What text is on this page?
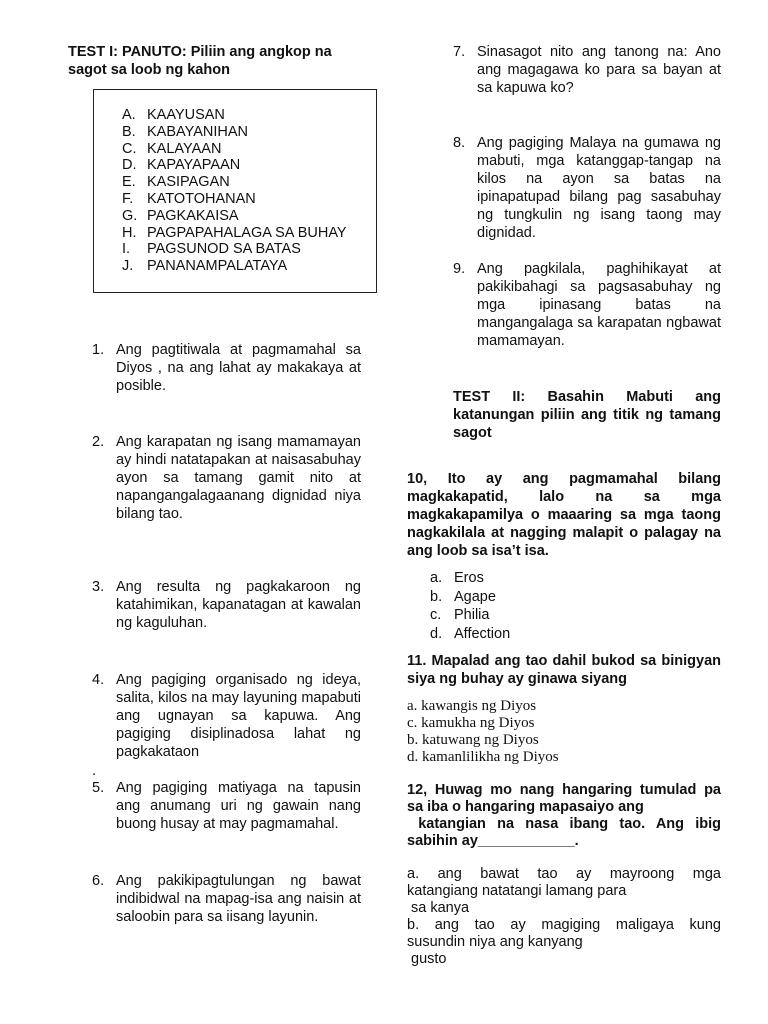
TEST I: PANUTO: Piliin ang angkop na
sagot sa loob ng kahon
A. KAAYUSAN
B. KABAYANIHAN
C. KALAYAAN
D. KAPAYAPAAN
E. KASIPAGAN
F. KATOTOHANAN
G. PAGKAKAISA
H. PAGPAPAHALAGA SA BUHAY
I. PAGSUNOD SA BATAS
J. PANANAMPALATAYA
1. Ang pagtitiwala at pagmamahal sa Diyos , na ang lahat ay makakaya at posible.
2. Ang karapatan ng isang mamamayan ay hindi natatapakan at naisasabuhay ayon sa tamang gamit nito at napangangalagaanang dignidad niya bilang tao.
3. Ang resulta ng pagkakaroon ng katahimikan, kapanatagan at kawalan ng kaguluhan.
4. Ang pagiging organisado ng ideya, salita, kilos na may layuning mapabuti ang ugnayan sa kapuwa. Ang pagiging disiplinadosa lahat ng pagkakataon
.
5. Ang pagiging matiyaga na tapusin ang anumang uri ng gawain nang buong husay at may pagmamahal.
6. Ang pakikipagtulungan ng bawat indibidwal na mapag-isa ang naisin at saloobin para sa iisang layunin.
7. Sinasagot nito ang tanong na: Ano ang magagawa ko para sa bayan at sa kapuwa ko?
8. Ang pagiging Malaya na gumawa ng mabuti, mga katanggap-tangap na kilos na ayon sa batas na ipinapatupad bilang pag sasabuhay ng tungkulin ng isang taong may dignidad.
9. Ang pagkilala, paghihikayat at pakikibahagi sa pagsasabuhay ng mga ipinasang batas na mangangalaga sa karapatan ngbawat mamamayan.
TEST II: Basahin Mabuti ang katanungan piliin ang titik ng tamang sagot
10, Ito ay ang pagmamahal bilang magkakapatid, lalo na sa mga magkakapamilya o maaaring sa mga taong nagkakilala at nagging malapit o palagay na ang loob sa isa’t isa.
a. Eros
b. Agape
c. Philia
d. Affection
11. Mapalad ang tao dahil bukod sa binigyan siya ng buhay ay ginawa siyang
a. kawangis ng Diyos
c. kamukha ng Diyos
b. katuwang ng Diyos
d. kamanlilikha ng Diyos
12, Huwag mo nang hangaring tumulad pa
sa iba o hangaring mapasaiyo ang
katangian na nasa ibang tao. Ang ibig
sabihin ay____________.
a. ang bawat tao ay mayroong mga
katangiang natatangi lamang para
sa kanya
b. ang tao ay magiging maligaya kung
susundin niya ang kanyang
gusto
